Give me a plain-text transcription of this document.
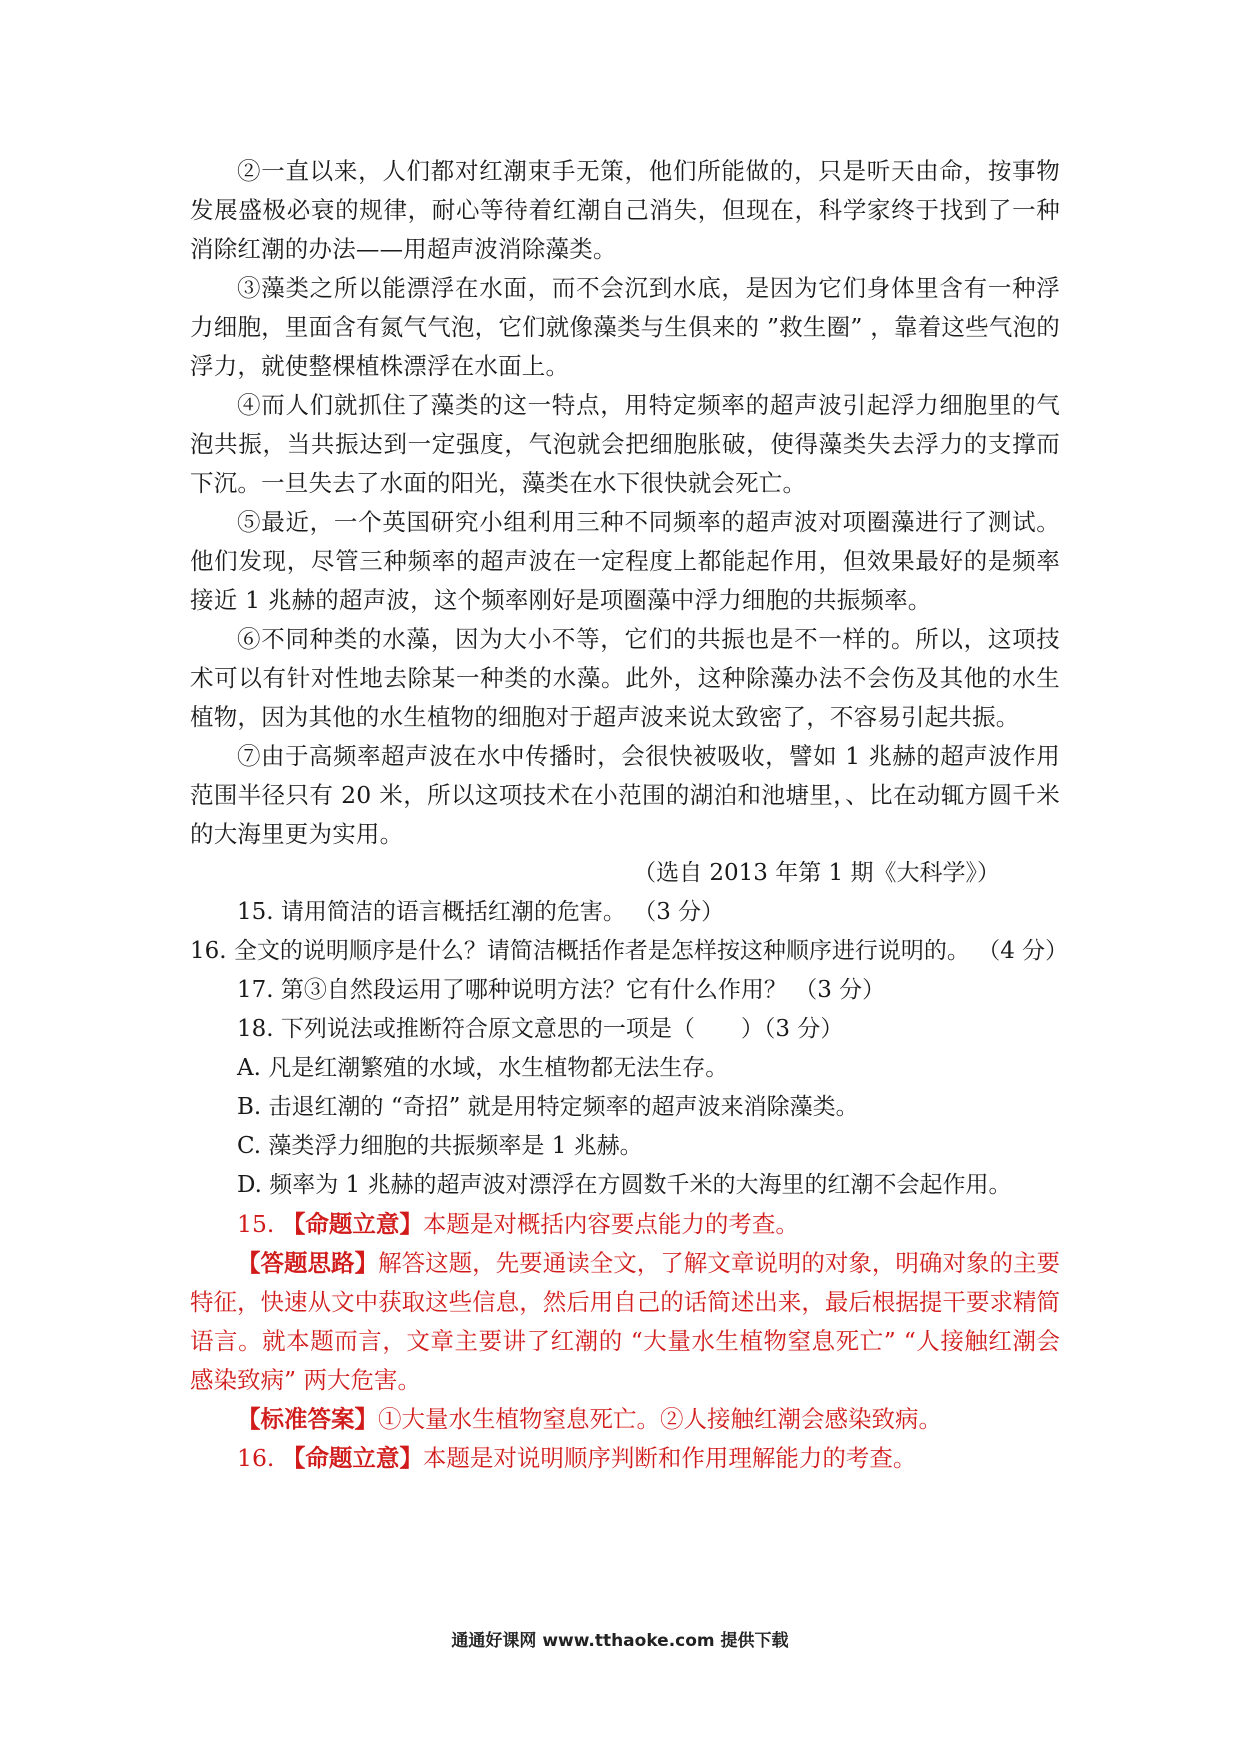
②一直以来，人们都对红潮束手无策，他们所能做的，只是听天由命，按事物发展盛极必衰的规律，耐心等待着红潮自己消失，但现在，科学家终于找到了一种消除红潮的办法——用超声波消除藻类。

③藻类之所以能漂浮在水面，而不会沉到水底，是因为它们身体里含有一种浮力细胞，里面含有氮气气泡，它们就像藻类与生俱来的 ”救生圈” ，靠着这些气泡的浮力，就使整棵植株漂浮在水面上。

④而人们就抓住了藻类的这一特点，用特定频率的超声波引起浮力细胞里的气泡共振，当共振达到一定强度，气泡就会把细胞胀破，使得藻类失去浮力的支撑而下沉。一旦失去了水面的阳光，藻类在水下很快就会死亡。

⑤最近，一个英国研究小组利用三种不同频率的超声波对项圈藻进行了测试。他们发现，尽管三种频率的超声波在一定程度上都能起作用，但效果最好的是频率接近 1 兆赫的超声波，这个频率刚好是项圈藻中浮力细胞的共振频率。

⑥不同种类的水藻，因为大小不等，它们的共振也是不一样的。所以，这项技术可以有针对性地去除某一种类的水藻。此外，这种除藻办法不会伤及其他的水生植物，因为其他的水生植物的细胞对于超声波来说太致密了，不容易引起共振。

⑦由于高频率超声波在水中传播时，会很快被吸收，譬如 1 兆赫的超声波作用范围半径只有 20 米，所以这项技术在小范围的湖泊和池塘里，、比在动辄方圆千米的大海里更为实用。

（选自 2013 年第 1 期《大科学》）

15. 请用简洁的语言概括红潮的危害。 （3 分）

16. 全文的说明顺序是什么？请简洁概括作者是怎样按这种顺序进行说明的。 （4 分）

17. 第③自然段运用了哪种说明方法？它有什么作用？ （3 分）

18. 下列说法或推断符合原文意思的一项是（　　）（3 分）

A. 凡是红潮繁殖的水域，水生植物都无法生存。

B. 击退红潮的 “奇招” 就是用特定频率的超声波来消除藻类。

C. 藻类浮力细胞的共振频率是 1 兆赫。

D. 频率为 1 兆赫的超声波对漂浮在方圆数千米的大海里的红潮不会起作用。

15. 【命题立意】本题是对概括内容要点能力的考查。

【答题思路】解答这题，先要通读全文，了解文章说明的对象，明确对象的主要特征，快速从文中获取这些信息，然后用自己的话简述出来，最后根据提干要求精简语言。就本题而言，文章主要讲了红潮的 “大量水生植物窒息死亡” “人接触红潮会感染致病” 两大危害。

【标准答案】①大量水生植物窒息死亡。②人接触红潮会感染致病。

16. 【命题立意】本题是对说明顺序判断和作用理解能力的考查。

通通好课网 www.tthaoke.com 提供下载
